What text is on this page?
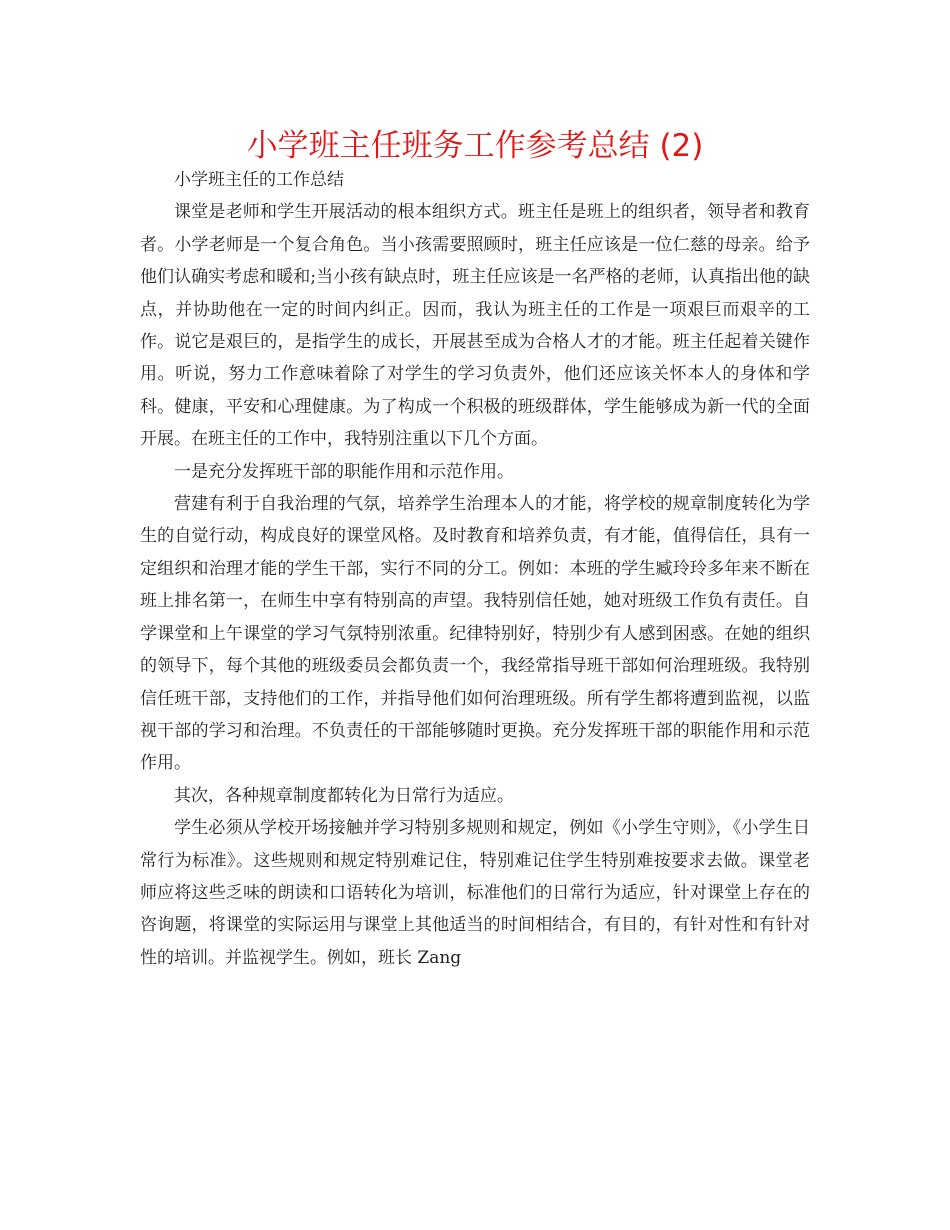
小学班主任班务工作参考总结 (2)

小学班主任的工作总结

课堂是老师和学生开展活动的根本组织方式。班主任是班上的组织者，领导者和教育者。小学老师是一个复合角色。当小孩需要照顾时，班主任应该是一位仁慈的母亲。给予他们认确实考虑和暖和;当小孩有缺点时，班主任应该是一名严格的老师，认真指出他的缺点，并协助他在一定的时间内纠正。因而，我认为班主任的工作是一项艰巨而艰辛的工作。说它是艰巨的，是指学生的成长，开展甚至成为合格人才的才能。班主任起着关键作用。听说，努力工作意味着除了对学生的学习负责外，他们还应该关怀本人的身体和学科。健康，平安和心理健康。为了构成一个积极的班级群体，学生能够成为新一代的全面开展。在班主任的工作中，我特别注重以下几个方面。

一是充分发挥班干部的职能作用和示范作用。

营建有利于自我治理的气氛，培养学生治理本人的才能，将学校的规章制度转化为学生的自觉行动，构成良好的课堂风格。及时教育和培养负责，有才能，值得信任，具有一定组织和治理才能的学生干部，实行不同的分工。例如：本班的学生臧玲玲多年来不断在班上排名第一，在师生中享有特别高的声望。我特别信任她，她对班级工作负有责任。自学课堂和上午课堂的学习气氛特别浓重。纪律特别好，特别少有人感到困惑。在她的组织的领导下，每个其他的班级委员会都负责一个，我经常指导班干部如何治理班级。我特别信任班干部，支持他们的工作，并指导他们如何治理班级。所有学生都将遭到监视，以监视干部的学习和治理。不负责任的干部能够随时更换。充分发挥班干部的职能作用和示范作用。

其次，各种规章制度都转化为日常行为适应。

学生必须从学校开场接触并学习特别多规则和规定，例如《小学生守则》，《小学生日常行为标准》。这些规则和规定特别难记住，特别难记住学生特别难按要求去做。课堂老师应将这些乏味的朗读和口语转化为培训，标准他们的日常行为适应，针对课堂上存在的咨询题，将课堂的实际运用与课堂上其他适当的时间相结合，有目的，有针对性和有针对性的培训。并监视学生。例如，班长 Zang
